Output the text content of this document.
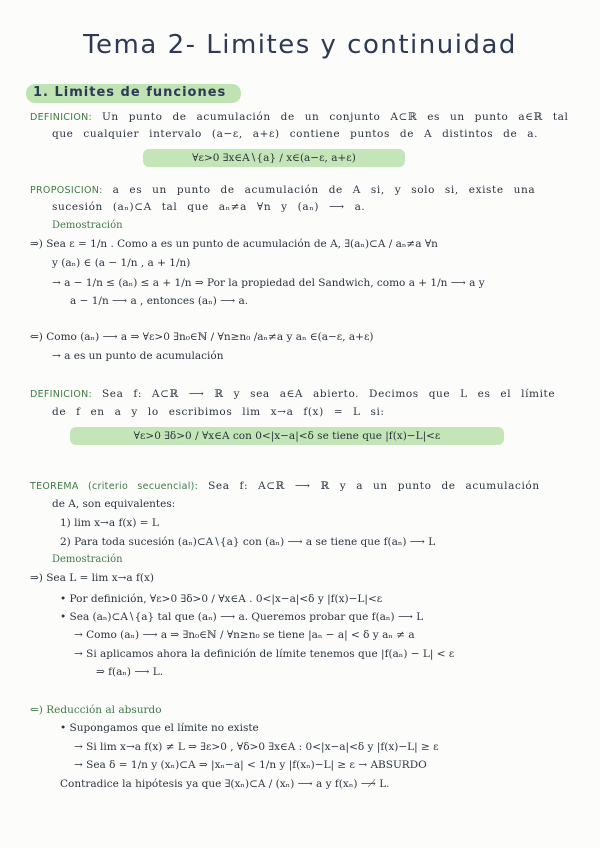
Tema 2- Limites y continuidad
1. Limites de funciones
DEFINICION: Un punto de acumulación de un conjunto A⊂ℝ es un punto a∈ℝ tal
que cualquier intervalo (a−ε, a+ε) contiene puntos de A distintos de a.
∀ε>0 ∃x∈A∖{a} / x∈(a−ε, a+ε)
PROPOSICION: a es un punto de acumulación de A si, y solo si, existe una
sucesión (aₙ)⊂A tal que aₙ≠a ∀n y (aₙ) ⟶ a.
Demostración
⇒) Sea ε = 1/n . Como a es un punto de acumulación de A, ∃(aₙ)⊂A / aₙ≠a ∀n
y (aₙ) ∈ (a − 1/n , a + 1/n)
→ a − 1/n ≤ (aₙ) ≤ a + 1/n ⇒ Por la propiedad del Sandwich, como a + 1/n ⟶ a y
a − 1/n ⟶ a , entonces (aₙ) ⟶ a.
⇐) Como (aₙ) ⟶ a ⇒ ∀ε>0 ∃n₀∈ℕ / ∀n≥n₀ /aₙ≠a y aₙ ∈(a−ε, a+ε)
→ a es un punto de acumulación
DEFINICION: Sea f: A⊂ℝ ⟶ ℝ y sea a∈A abierto. Decimos que L es el límite
de f en a y lo escribimos lim x→a f(x) = L si:
∀ε>0 ∃δ>0 / ∀x∈A con 0<|x−a|<δ se tiene que |f(x)−L|<ε
TEOREMA (criterio secuencial): Sea f: A⊂ℝ ⟶ ℝ y a un punto de acumulación
de A, son equivalentes:
1) lim x→a f(x) = L
2) Para toda sucesión (aₙ)⊂A∖{a} con (aₙ) ⟶ a se tiene que f(aₙ) ⟶ L
Demostración
⇒) Sea L = lim x→a f(x)
• Por definición, ∀ε>0 ∃δ>0 / ∀x∈A . 0<|x−a|<δ y |f(x)−L|<ε
• Sea (aₙ)⊂A∖{a} tal que (aₙ) ⟶ a. Queremos probar que f(aₙ) ⟶ L
→ Como (aₙ) ⟶ a ⇒ ∃n₀∈ℕ / ∀n≥n₀ se tiene |aₙ − a| < δ y aₙ ≠ a
→ Si aplicamos ahora la definición de límite tenemos que |f(aₙ) − L| < ε
⇒ f(aₙ) ⟶ L.
⇐) Reducción al absurdo
• Supongamos que el límite no existe
→ Si lim x→a f(x) ≠ L ⇒ ∃ε>0 , ∀δ>0 ∃x∈A : 0<|x−a|<δ y |f(x)−L| ≥ ε
→ Sea δ = 1/n y (xₙ)⊂A ⇒ |xₙ−a| < 1/n y |f(xₙ)−L| ≥ ε → ABSURDO
Contradice la hipótesis ya que ∃(xₙ)⊂A / (xₙ) ⟶ a y f(xₙ) ⟶̸ L.
